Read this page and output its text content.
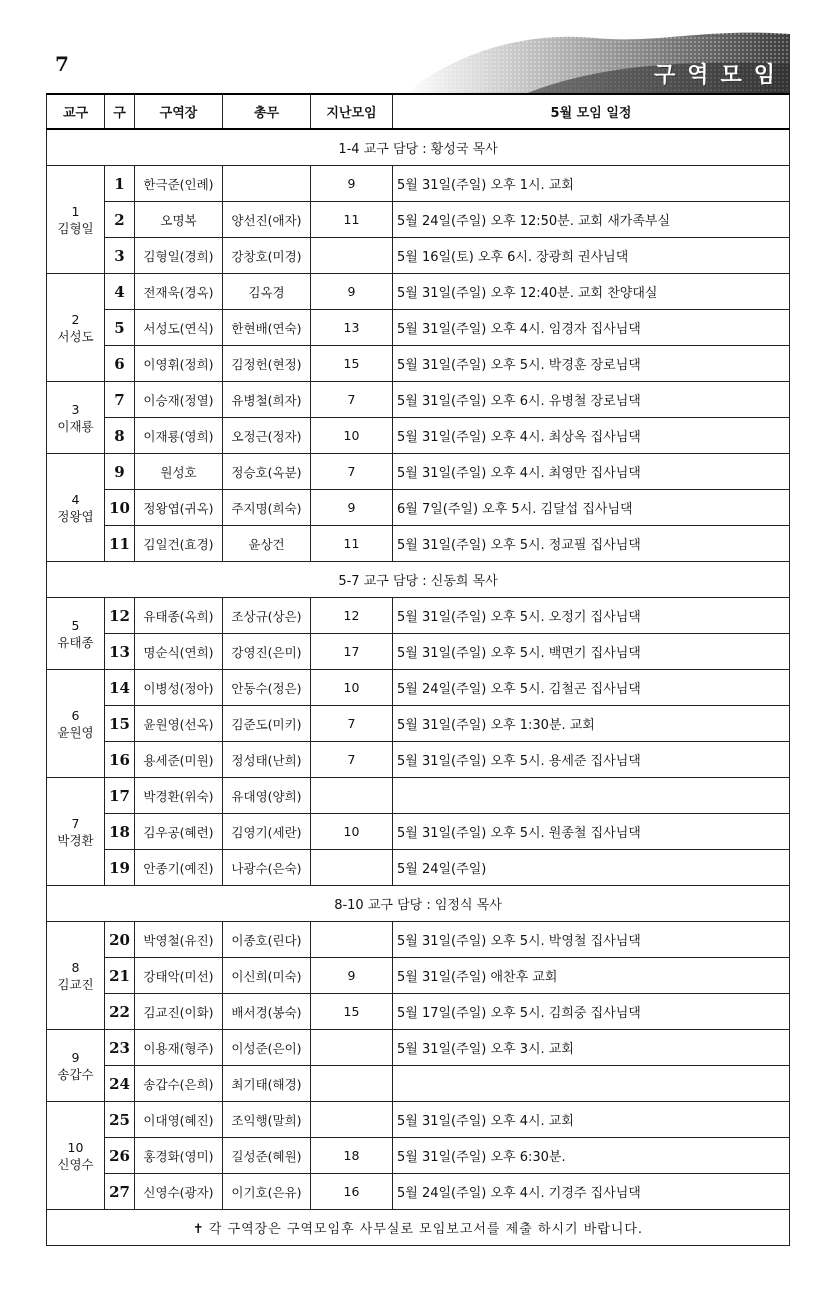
7	구역모임
교구	구	구역장	총무	지난모임	5월 모임 일정
1-4 교구 담당 : 황성국 목사					

1
김형일	1	한극준(인례)		9	5월 31일(주일) 오후 1시. 교회
	2	오명복	양선진(애자)	11	5월 24일(주일) 오후 12:50분. 교회 새가족부실
	3	김형일(경희)	강창호(미경)		5월 16일(토) 오후 6시. 장광희 권사님댁

2
서성도	4	전재욱(경옥)	김옥경	9	5월 31일(주일) 오후 12:40분. 교회 찬양대실
	5	서성도(연식)	한현배(연숙)	13	5월 31일(주일) 오후 4시. 임경자 집사님댁
	6	이영휘(정희)	김정헌(현정)	15	5월 31일(주일) 오후 5시. 박경훈 장로님댁

3
이재룡	7	이승재(정열)	유병철(희자)	7	5월 31일(주일) 오후 6시. 유병철 장로님댁
	8	이재룡(영희)	오정근(정자)	10	5월 31일(주일) 오후 4시. 최상옥 집사님댁

4
정왕엽	9	원성호	정승호(옥분)	7	5월 31일(주일) 오후 4시. 최영만 집사님댁
	10	정왕엽(귀옥)	주지명(희숙)	9	6월 7일(주일) 오후 5시. 김달섭 집사님댁
	11	김일건(효경)	윤상건	11	5월 31일(주일) 오후 5시. 정교필 집사님댁
5-7 교구 담당 : 신동희 목사					

5
유태종	12	유태종(옥희)	조상규(상은)	12	5월 31일(주일) 오후 5시. 오정기 집사님댁
	13	명순식(연희)	강영진(은미)	17	5월 31일(주일) 오후 5시. 백면기 집사님댁

6
윤원영	14	이병성(정아)	안동수(정은)	10	5월 24일(주일) 오후 5시. 김철곤 집사님댁
	15	윤원영(선옥)	김준도(미키)	7	5월 31일(주일) 오후 1:30분. 교회
	16	용세준(미원)	정성태(난희)	7	5월 31일(주일) 오후 5시. 용세준 집사님댁

7
박경환	17	박경환(위숙)	유대영(양희)		
	18	김우공(혜련)	김영기(세란)	10	5월 31일(주일) 오후 5시. 원종철 집사님댁
	19	안종기(예진)	나광수(은숙)		5월 24일(주일)
8-10 교구 담당 : 임정식 목사					

8
김교진	20	박영철(유진)	이종호(린다)		5월 31일(주일) 오후 5시. 박영철 집사님댁
	21	강태악(미선)	이신희(미숙)	9	5월 31일(주일) 애찬후 교회
	22	김교진(이화)	배서경(봉숙)	15	5월 17일(주일) 오후 5시. 김희중 집사님댁

9
송갑수	23	이용재(형주)	이성준(은이)		5월 31일(주일) 오후 3시. 교회
	24	송갑수(은희)	최기태(해경)		

10
신영수	25	이대영(혜진)	조익행(말희)		5월 31일(주일) 오후 4시. 교회
	26	홍경화(영미)	길성준(혜원)	18	5월 31일(주일) 오후 6:30분.
	27	신영수(광자)	이기호(은유)	16	5월 24일(주일) 오후 4시. 기경주 집사님댁
✝ 각 구역장은 구역모임후 사무실로 모임보고서를 제출 하시기 바랍니다.					
